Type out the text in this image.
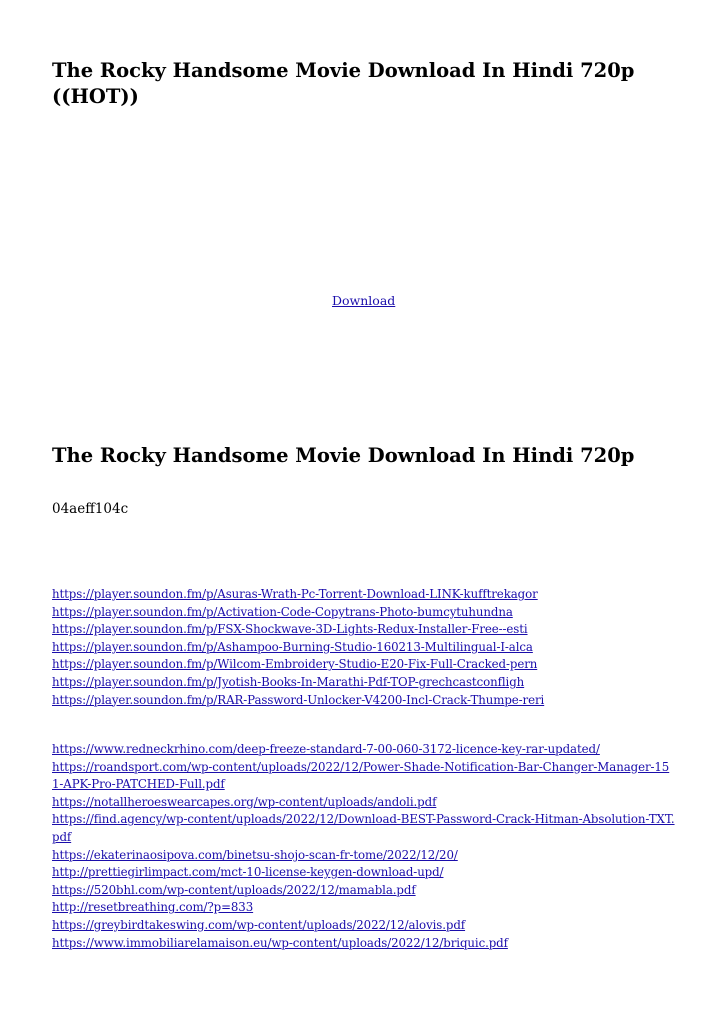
The Rocky Handsome Movie Download In Hindi 720p ((HOT))
Download
The Rocky Handsome Movie Download In Hindi 720p
04aeff104c
https://player.soundon.fm/p/Asuras-Wrath-Pc-Torrent-Download-LINK-kufftrekagor
https://player.soundon.fm/p/Activation-Code-Copytrans-Photo-bumcytuhundna
https://player.soundon.fm/p/FSX-Shockwave-3D-Lights-Redux-Installer-Free--esti
https://player.soundon.fm/p/Ashampoo-Burning-Studio-160213-Multilingual-I-alca
https://player.soundon.fm/p/Wilcom-Embroidery-Studio-E20-Fix-Full-Cracked-pern
https://player.soundon.fm/p/Jyotish-Books-In-Marathi-Pdf-TOP-grechcastconfligh
https://player.soundon.fm/p/RAR-Password-Unlocker-V4200-Incl-Crack-Thumpe-reri
https://www.redneckrhino.com/deep-freeze-standard-7-00-060-3172-licence-key-rar-updated/
https://roandsport.com/wp-content/uploads/2022/12/Power-Shade-Notification-Bar-Changer-Manager-151-APK-Pro-PATCHED-Full.pdf
https://notallheroeswearcapes.org/wp-content/uploads/andoli.pdf
https://find.agency/wp-content/uploads/2022/12/Download-BEST-Password-Crack-Hitman-Absolution-TXT.pdf
https://ekaterinaosipova.com/binetsu-shojo-scan-fr-tome/2022/12/20/
http://prettiegirlimpact.com/mct-10-license-keygen-download-upd/
https://520bhl.com/wp-content/uploads/2022/12/mamabla.pdf
http://resetbreathing.com/?p=833
https://greybirdtakeswing.com/wp-content/uploads/2022/12/alovis.pdf
https://www.immobiliarelamaison.eu/wp-content/uploads/2022/12/briquic.pdf
